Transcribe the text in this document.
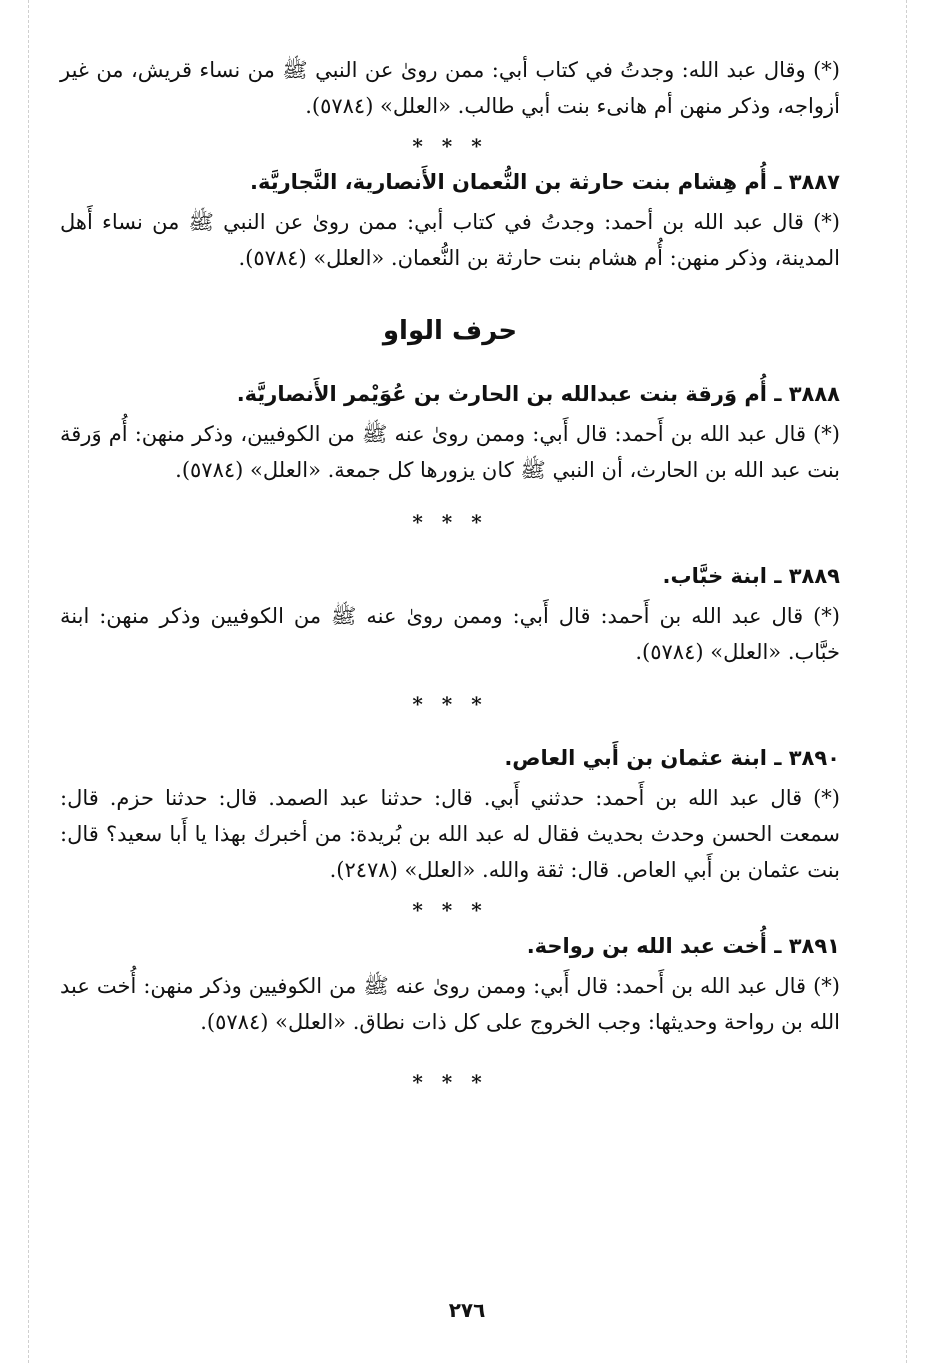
(*) وقال عبد الله: وجدتُ في كتاب أبي: ممن روىٰ عن النبي ﷺ من نساء قريش، من غير أزواجه، وذكر منهن أم هانىء بنت أبي طالب. «العلل» (٥٧٨٤).

* * *
٣٨٨٧ ـ أُم هِشام بنت حارثة بن النُّعمان الأَنصارية، النَّجاريَّة.

(*) قال عبد الله بن أحمد: وجدتُ في كتاب أبي: ممن روىٰ عن النبي ﷺ من نساء أَهل المدينة، وذكر منهن: أُم هشام بنت حارثة بن النُّعمان. «العلل» (٥٧٨٤).

حرف الواو
٣٨٨٨ ـ أُم وَرقة بنت عبدالله بن الحارث بن عُوَيْمر الأَنصاريَّة.

(*) قال عبد الله بن أَحمد: قال أَبي: وممن روىٰ عنه ﷺ من الكوفيين، وذكر منهن: أُم وَرقة بنت عبد الله بن الحارث، أن النبي ﷺ كان يزورها كل جمعة. «العلل» (٥٧٨٤).

* * *
٣٨٨٩ ـ ابنة خبَّاب.

(*) قال عبد الله بن أَحمد: قال أَبي: وممن روىٰ عنه ﷺ من الكوفيين وذكر منهن: ابنة خبَّاب. «العلل» (٥٧٨٤).

* * *
٣٨٩٠ ـ ابنة عثمان بن أَبي العاص.

(*) قال عبد الله بن أَحمد: حدثني أَبي. قال: حدثنا عبد الصمد. قال: حدثنا حزم. قال: سمعت الحسن وحدث بحديث فقال له عبد الله بن بُريدة: من أخبرك بهذا يا أَبا سعيد؟ قال: بنت عثمان بن أَبي العاص. قال: ثقة والله. «العلل» (٢٤٧٨).

* * *
٣٨٩١ ـ أُخت عبد الله بن رواحة.

(*) قال عبد الله بن أَحمد: قال أَبي: وممن روىٰ عنه ﷺ من الكوفيين وذكر منهن: أُخت عبد الله بن رواحة وحديثها: وجب الخروج على كل ذات نطاق. «العلل» (٥٧٨٤).

* * *
٢٧٦
